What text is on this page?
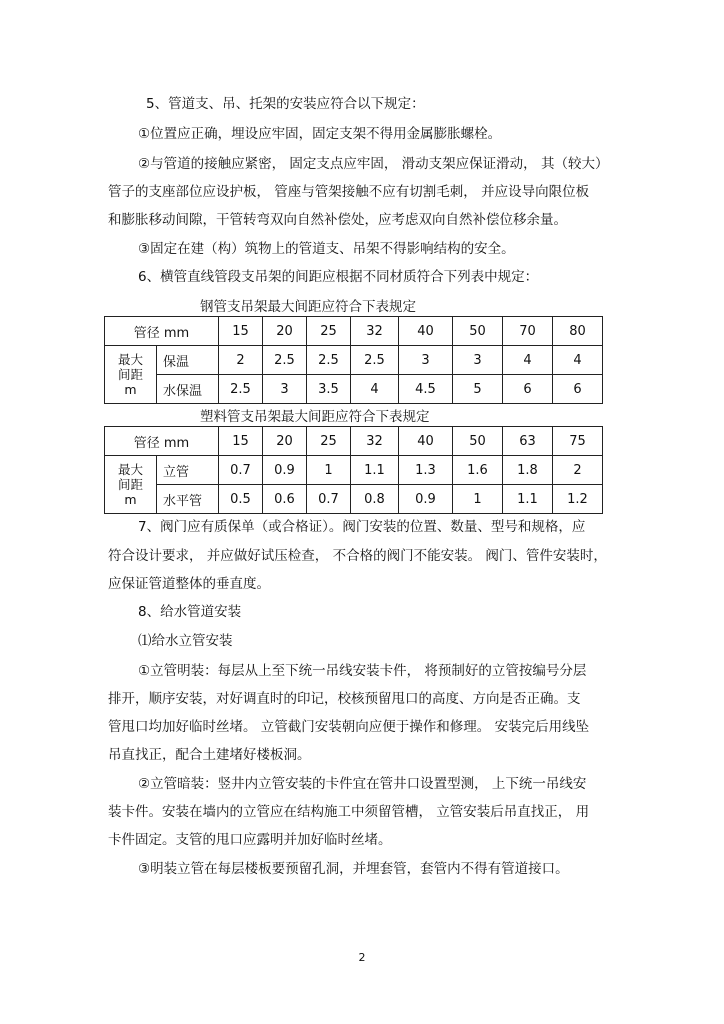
5、管道支、吊、托架的安装应符合以下规定：
①位置应正确，埋设应牢固，固定支架不得用金属膨胀螺栓。
②与管道的接触应紧密， 固定支点应牢固， 滑动支架应保证滑动， 其（较大）
管子的支座部位应设护板， 管座与管架接触不应有切割毛刺， 并应设导向限位板
和膨胀移动间隙，干管转弯双向自然补偿处，应考虑双向自然补偿位移余量。
③固定在建（构）筑物上的管道支、吊架不得影响结构的安全。
6、横管直线管段支吊架的间距应根据不同材质符合下列表中规定：
钢管支吊架最大间距应符合下表规定
管径 mm		15	20	25	32	40	50	70	80

最大
间距
m	保温	2	2.5	2.5	2.5	3	3	4	4
	水保温	2.5	3	3.5	4	4.5	5	6	6
塑料管支吊架最大间距应符合下表规定
管径 mm		15	20	25	32	40	50	63	75

最大
间距
m	立管	0.7	0.9	1	1.1	1.3	1.6	1.8	2
	水平管	0.5	0.6	0.7	0.8	0.9	1	1.1	1.2
7、阀门应有质保单（或合格证）。阀门安装的位置、数量、型号和规格，应
符合设计要求， 并应做好试压检查， 不合格的阀门不能安装。 阀门、管件安装时，
应保证管道整体的垂直度。
8、给水管道安装
⑴给水立管安装
①立管明装：每层从上至下统一吊线安装卡件， 将预制好的立管按编号分层
排开，顺序安装，对好调直时的印记，校核预留甩口的高度、方向是否正确。支
管甩口均加好临时丝堵。 立管截门安装朝向应便于操作和修理。 安装完后用线坠
吊直找正，配合土建堵好楼板洞。
②立管暗装：竖井内立管安装的卡件宜在管井口设置型测， 上下统一吊线安
装卡件。安装在墙内的立管应在结构施工中须留管槽， 立管安装后吊直找正， 用
卡件固定。支管的甩口应露明并加好临时丝堵。
③明装立管在每层楼板要预留孔洞，并埋套管，套管内不得有管道接口。
2
